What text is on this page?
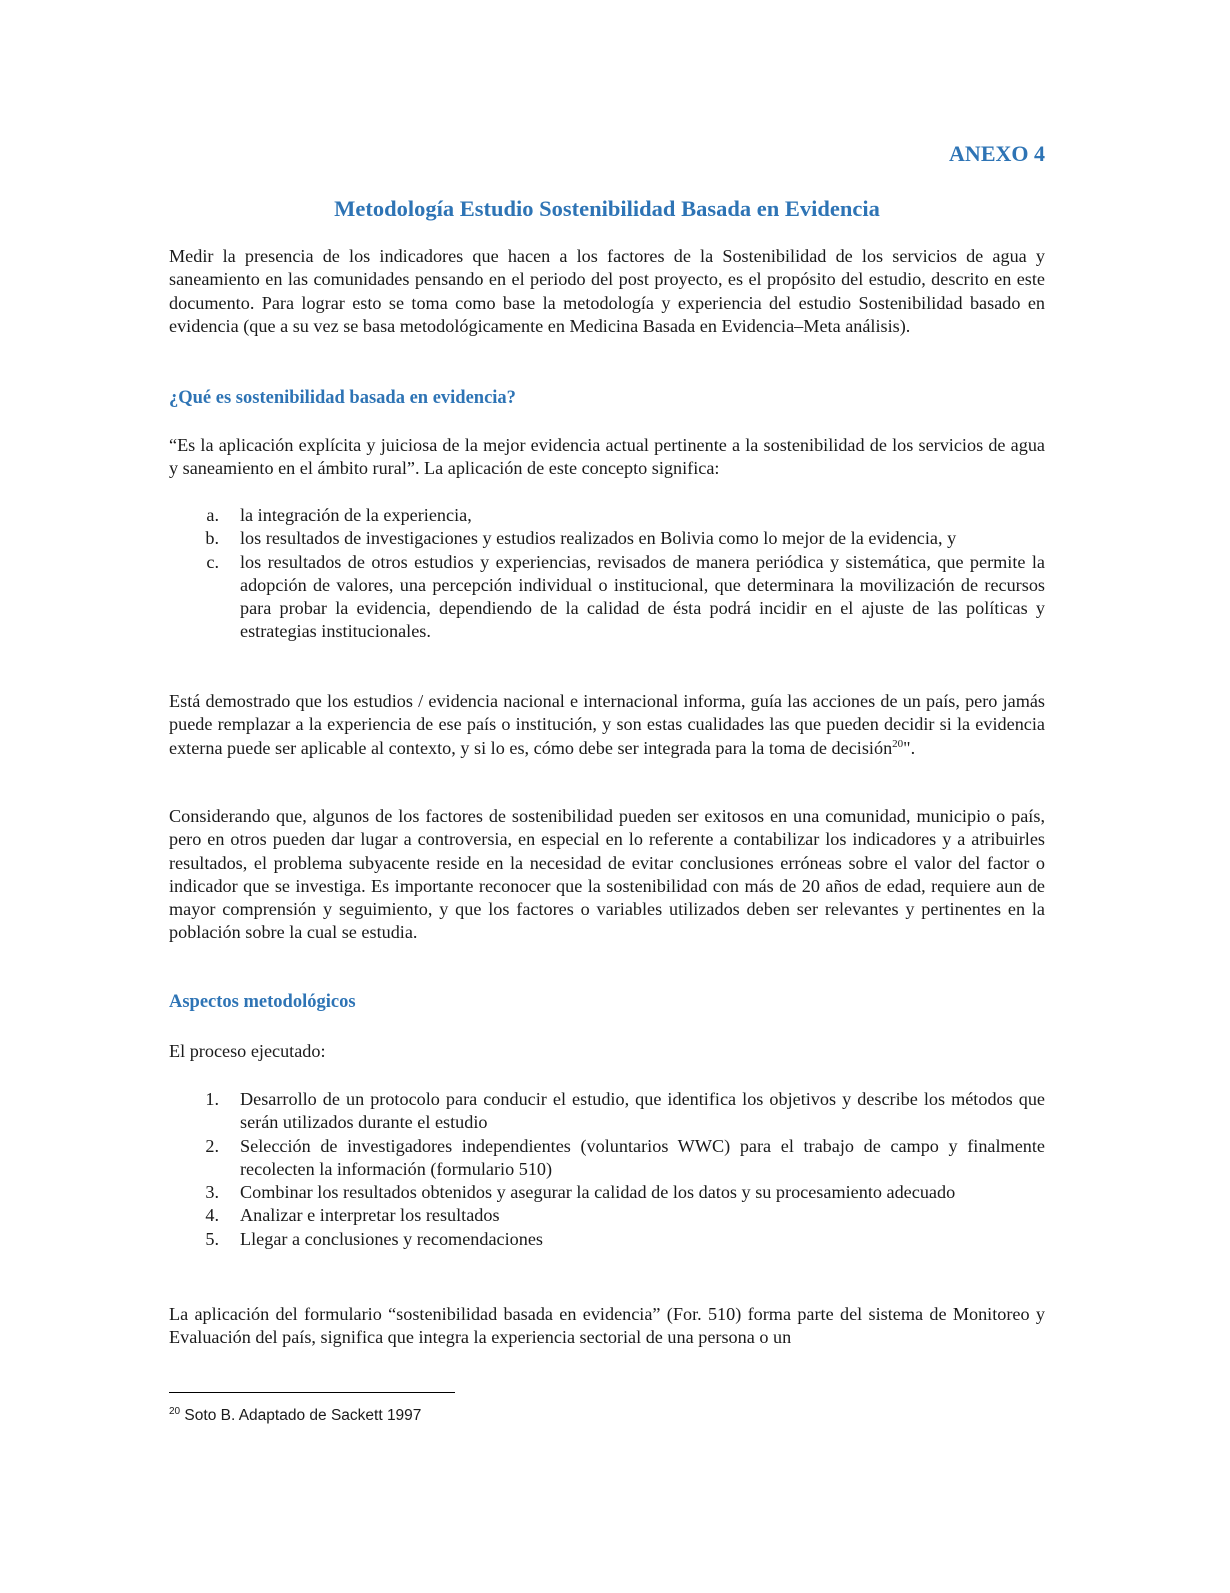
ANEXO 4

Metodología Estudio Sostenibilidad Basada en Evidencia

Medir la presencia de los indicadores que hacen a los factores de la Sostenibilidad de los servicios de agua y saneamiento en las comunidades pensando en el periodo del post proyecto, es el propósito del estudio, descrito en este documento. Para lograr esto se toma como base la metodología y experiencia del estudio Sostenibilidad basado en evidencia (que a su vez se basa metodológicamente en Medicina Basada en Evidencia–Meta análisis).

¿Qué es sostenibilidad basada en evidencia?

“Es la aplicación explícita y juiciosa de la mejor evidencia actual pertinente a la sostenibilidad de los servicios de agua y saneamiento en el ámbito rural”. La aplicación de este concepto significa:

a.	la integración de la experiencia,
b.	los resultados de investigaciones y estudios realizados en Bolivia como lo mejor de la evidencia, y
c.	los resultados de otros estudios y experiencias, revisados de manera periódica y sistemática, que permite la adopción de valores, una percepción individual o institucional, que determinara la movilización de recursos para probar la evidencia, dependiendo de la calidad de ésta podrá incidir en el ajuste de las políticas y estrategias institucionales.

Está demostrado que los estudios / evidencia nacional e internacional informa, guía las acciones de un país, pero jamás puede remplazar a la experiencia de ese país o institución, y son estas cualidades las que pueden decidir si la evidencia externa puede ser aplicable al contexto, y si lo es, cómo debe ser integrada para la toma de decisión$^{20}$".

Considerando que, algunos de los factores de sostenibilidad pueden ser exitosos en una comunidad, municipio o país, pero en otros pueden dar lugar a controversia, en especial en lo referente a contabilizar los indicadores y a atribuirles resultados, el problema subyacente reside en la necesidad de evitar conclusiones erróneas sobre el valor del factor o indicador que se investiga. Es importante reconocer que la sostenibilidad con más de 20 años de edad, requiere aun de mayor comprensión y seguimiento, y que los factores o variables utilizados deben ser relevantes y pertinentes en la población sobre la cual se estudia.

Aspectos metodológicos

El proceso ejecutado:

1.	Desarrollo de un protocolo para conducir el estudio, que identifica los objetivos y describe los métodos que serán utilizados durante el estudio
2.	Selección de investigadores independientes (voluntarios WWC) para el trabajo de campo y finalmente recolecten la información (formulario 510)
3.	Combinar los resultados obtenidos y asegurar la calidad de los datos y su procesamiento adecuado
4.	Analizar e interpretar los resultados
5.	Llegar a conclusiones y recomendaciones

La aplicación del formulario “sostenibilidad basada en evidencia” (For. 510) forma parte del sistema de Monitoreo y Evaluación del país, significa que integra la experiencia sectorial de una persona o un

$^{20}$ Soto B. Adaptado de Sackett 1997
